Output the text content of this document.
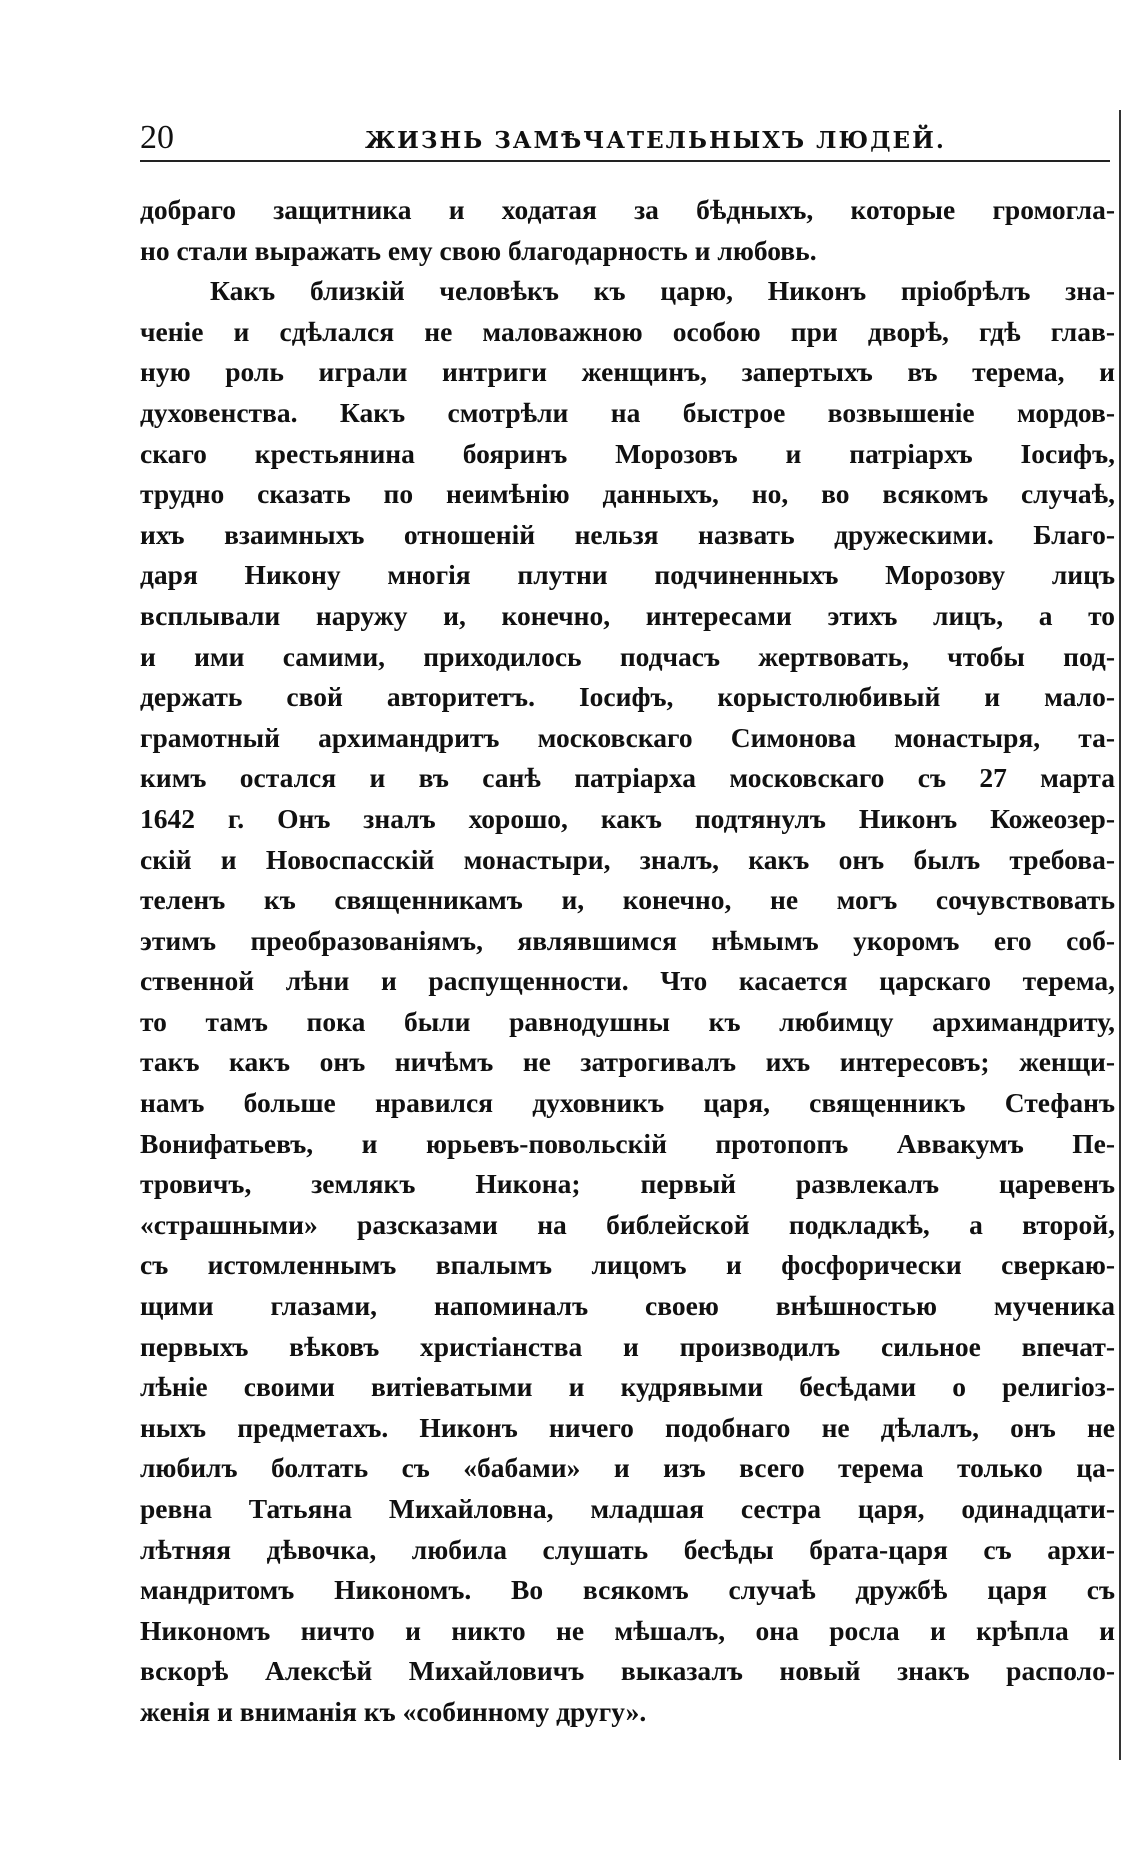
20	ЖИЗНЬ ЗАМѢЧАТЕЛЬНЫХЪ ЛЮДЕЙ.
добраго защитника и ходатая за бѣдныхъ, которые громогла-
но стали выражать ему свою благодарность и любовь.
Какъ близкій человѣкъ къ царю, Никонъ пріобрѣлъ зна-
ченіе и сдѣлался не маловажною особою при дворѣ, гдѣ глав-
ную роль играли интриги женщинъ, запертыхъ въ терема, и
духовенства. Какъ смотрѣли на быстрое возвышеніе мордов-
скаго крестьянина бояринъ Морозовъ и патріархъ Іосифъ,
трудно сказать по неимѣнію данныхъ, но, во всякомъ случаѣ,
ихъ взаимныхъ отношеній нельзя назвать дружескими. Благо-
даря Никону многія плутни подчиненныхъ Морозову лицъ
всплывали наружу и, конечно, интересами этихъ лицъ, а то
и ими самими, приходилось подчасъ жертвовать, чтобы под-
держать свой авторитетъ. Іосифъ, корыстолюбивый и мало-
грамотный архимандритъ московскаго Симонова монастыря, та-
кимъ остался и въ санѣ патріарха московскаго съ 27 марта
1642 г. Онъ зналъ хорошо, какъ подтянулъ Никонъ Кожеозер-
скій и Новоспасскій монастыри, зналъ, какъ онъ былъ требова-
теленъ къ священникамъ и, конечно, не могъ сочувствовать
этимъ преобразованіямъ, являвшимся нѣмымъ укоромъ его соб-
ственной лѣни и распущенности. Что касается царскаго терема,
то тамъ пока были равнодушны къ любимцу архимандриту,
такъ какъ онъ ничѣмъ не затрогивалъ ихъ интересовъ; женщи-
намъ больше нравился духовникъ царя, священникъ Стефанъ
Вонифатьевъ, и юрьевъ-повольскій протопопъ Аввакумъ Пе-
тровичъ, землякъ Никона; первый развлекалъ царевенъ
«страшными» разсказами на библейской подкладкѣ, а второй,
съ истомленнымъ впалымъ лицомъ и фосфорически сверкаю-
щими глазами, напоминалъ своею внѣшностью мученика
первыхъ вѣковъ христіанства и производилъ сильное впечат-
лѣніе своими витіеватыми и кудрявыми бесѣдами о религіоз-
ныхъ предметахъ. Никонъ ничего подобнаго не дѣлалъ, онъ не
любилъ болтать съ «бабами» и изъ всего терема только ца-
ревна Татьяна Михайловна, младшая сестра царя, одинадцати-
лѣтняя дѣвочка, любила слушать бесѣды брата-царя съ архи-
мандритомъ Никономъ. Во всякомъ случаѣ дружбѣ царя съ
Никономъ ничто и никто не мѣшалъ, она росла и крѣпла и
вскорѣ Алексѣй Михайловичъ выказалъ новый знакъ располо-
женія и вниманія къ «собинному другу».
